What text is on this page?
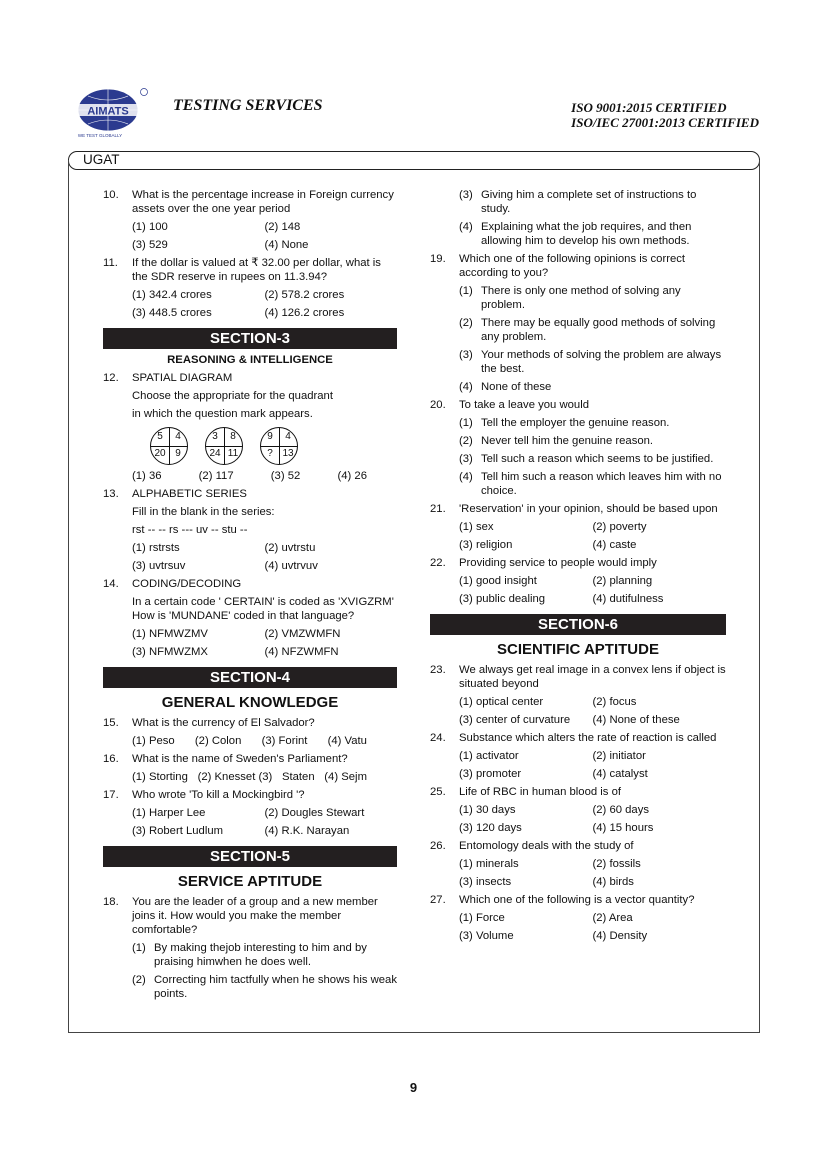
AIMATS
WE TEST GLOBALLY
TESTING SERVICES	ISO 9001:2015 CERTIFIED
ISO/IEC 27001:2013 CERTIFIED
UGAT
10. What is the percentage increase in Foreign currency assets over the one year period
(1) 100	(2) 148
(3) 529	(4) None
11. If the dollar is valued at ₹ 32.00 per dollar, what is the SDR reserve in rupees on 11.3.94?
(1) 342.4 crores	(2) 578.2 crores
(3) 448.5 crores	(4) 126.2 crores
SECTION-3
REASONING & INTELLIGENCE
12. SPATIAL DIAGRAM
Choose the appropriate for the quadrant
in which the question mark appears.
5	4
20 9
3	8
24 11
9	4
? 13
(1) 36	(2) 117	(3) 52	(4) 26
13. ALPHABETIC SERIES
Fill in the blank in the series:
rst -- -- rs --- uv -- stu --
(1) rstrsts	(2) uvtrstu
(3) uvtrsuv	(4) uvtrvuv
14. CODING/DECODING
In a certain code ' CERTAIN' is coded as 'XVIGZRM' How is 'MUNDANE' coded in that language?
(1) NFMWZMV	(2) VMZWMFN
(3) NFMWZMX	(4) NFZWMFN
SECTION-4
GENERAL KNOWLEDGE
15. What is the currency of El Salvador?
(1) Peso (2) Colon (3) Forint (4) Vatu
16. What is the name of Sweden's Parliament?
(1) Storting (2) Knesset (3) Staten (4) Sejm
17. Who wrote 'To kill a Mockingbird '?
(1) Harper Lee	(2) Dougles Stewart
(3) Robert Ludlum	(4) R.K. Narayan
SECTION-5
SERVICE APTITUDE
18. You are the leader of a group and a new member joins it. How would you make the member comfortable?
(1) By making thejob interesting to him and by praising himwhen he does well.
(2) Correcting him tactfully when he shows his weak points.
(3) Giving him a complete set of instructions to study.
(4) Explaining what the job requires, and then allowing him to develop his own methods.
19. Which one of the following opinions is correct according to you?
(1) There is only one method of solving any problem.
(2) There may be equally good methods of solving any problem.
(3) Your methods of solving the problem are always the best.
(4) None of these
20. To take a leave you would
(1) Tell the employer the genuine reason.
(2) Never tell him the genuine reason.
(3) Tell such a reason which seems to be justified.
(4) Tell him such a reason which leaves him with no choice.
21. 'Reservation' in your opinion, should be based upon
(1) sex	(2) poverty
(3) religion	(4) caste
22. Providing service to people would imply
(1) good insight	(2) planning
(3) public dealing	(4) dutifulness
SECTION-6
SCIENTIFIC APTITUDE
23. We always get real image in a convex lens if object is situated beyond
(1) optical center	(2) focus
(3) center of curvature	(4) None of these
24. Substance which alters the rate of reaction is called
(1) activator	(2) initiator
(3) promoter	(4) catalyst
25. Life of RBC in human blood is of
(1) 30 days	(2) 60 days
(3) 120 days	(4) 15 hours
26. Entomology deals with the study of
(1) minerals	(2) fossils
(3) insects	(4) birds
27. Which one of the following is a vector quantity?
(1) Force	(2) Area
(3) Volume	(4) Density
9
